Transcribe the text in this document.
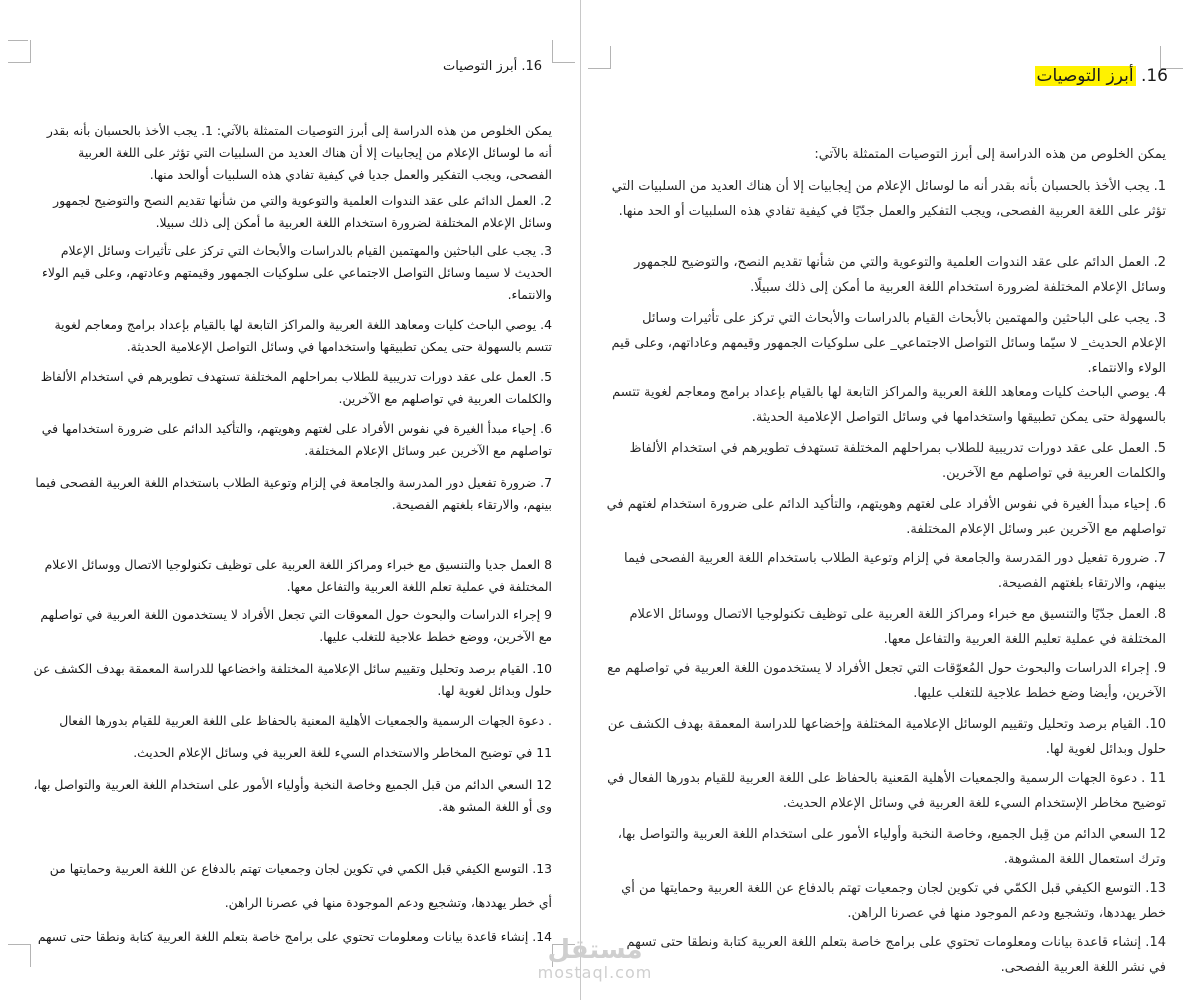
16. أبرز التوصيات

يمكن الخلوص من هذه الدراسة إلى أبرز التوصيات المتمثلة بالآتي: 1. يجب الأخذ بالحسبان بأنه بقدر أنه ما لوسائل الإعلام من إيجابيات إلا أن هناك العديد من السلبيات التي تؤثر على اللغة العربية الفصحى، ويجب التفكير والعمل جديا في كيفية تفادي هذه السلبيات أوالحد منها.

2. العمل الدائم على عقد الندوات العلمية والتوعوية والتي من شأنها تقديم النصح والتوضيح لجمهور وسائل الإعلام المختلفة لضرورة استخدام اللغة العربية ما أمكن إلى ذلك سبيلا.

3. يجب على الباحثين والمهتمين القيام بالدراسات والأبحاث التي تركز على تأثيرات وسائل الإعلام الحديث لا سيما وسائل التواصل الاجتماعي على سلوكيات الجمهور وقيمتهم وعادتهم، وعلى قيم الولاء والانتماء.

4. يوصي الباحث كليات ومعاهد اللغة العربية والمراكز التابعة لها بالقيام بإعداد برامج ومعاجم لغوية تتسم بالسهولة حتى يمكن تطبيقها واستخدامها في وسائل التواصل الإعلامية الحديثة.

5. العمل على عقد دورات تدريبية للطلاب بمراحلهم المختلفة تستهدف تطويرهم في استخدام الألفاظ والكلمات العربية في تواصلهم مع الآخرين.

6. إحياء مبدأ الغيرة في نفوس الأفراد على لغتهم وهويتهم، والتأكيد الدائم على ضرورة استخدامها في تواصلهم مع الآخرين عبر وسائل الإعلام المختلفة.

7. ضرورة تفعيل دور المدرسة والجامعة في إلزام وتوعية الطلاب باستخدام اللغة العربية الفصحى فيما بينهم، والارتقاء بلغتهم الفصيحة.

8 العمل جديا والتنسيق مع خبراء ومراكز اللغة العربية على توظيف تكنولوجيا الاتصال ووسائل الاعلام المختلفة في عملية تعلم اللغة العربية والتفاعل معها.

9 إجراء الدراسات والبحوث حول المعوقات التي تجعل الأفراد لا يستخدمون اللغة العربية في تواصلهم مع الآخرين، ووضع خطط علاجية للتغلب عليها.

10. القيام برصد وتحليل وتقييم سائل الإعلامية المختلفة واخضاعها للدراسة المعمقة بهدف الكشف عن حلول وبدائل لغوية لها.

. دعوة الجهات الرسمية والجمعيات الأهلية المعنية بالحفاظ على اللغة العربية للقيام بدورها الفعال

11 في توضيح المخاطر والاستخدام السيء للغة العربية في وسائل الإعلام الحديث.

12 السعي الدائم من قبل الجميع وخاصة النخبة وأولياء الأمور على استخدام اللغة العربية والتواصل بها، وى أو اللغة المشو هة.

13. التوسع الكيفي قبل الكمي في تكوين لجان وجمعيات تهتم بالدفاع عن اللغة العربية وحمايتها من

أي خطر يهددها، وتشجيع ودعم الموجودة منها في عصرنا الراهن.

14. إنشاء قاعدة بيانات ومعلومات تحتوي على برامج خاصة بتعلم اللغة العربية كتابة ونطقا حتى تسهم

16. أبرز التوصيات

يمكن الخلوص من هذه الدراسة إلى أبرز التوصيات المتمثلة بالآتي:

1. يجب الأخذ بالحسبان بأنه بقدر أنه ما لوسائل الإعلام من إيجابيات إلا أن هناك العديد من السلبيات التي تؤثر على اللغة العربية الفصحى، ويجب التفكير والعمل جدّيًا في كيفية تفادي هذه السلبيات أو الحد منها.

2. العمل الدائم على عقد الندوات العلمية والتوعوية والتي من شأنها تقديم النصح، والتوضيح للجمهور وسائل الإعلام المختلفة لضرورة استخدام اللغة العربية ما أمكن إلى ذلك سبيلًا.

3. يجب على الباحثين والمهتمين بالأبحاث القيام بالدراسات والأبحاث التي تركز على تأثيرات وسائل الإعلام الحديث_ لا سيّما وسائل التواصل الاجتماعي_ على سلوكيات الجمهور وقيمهم وعاداتهم، وعلى قيم الولاء والانتماء.

4. يوصي الباحث كليات ومعاهد اللغة العربية والمراكز التابعة لها بالقيام بإعداد برامج ومعاجم لغوية تتسم بالسهولة حتى يمكن تطبيقها واستخدامها في وسائل التواصل الإعلامية الحديثة.

5. العمل على عقد دورات تدريبية للطلاب بمراحلهم المختلفة تستهدف تطويرهم في استخدام الألفاظ والكلمات العربية في تواصلهم مع الآخرين.

6. إحياء مبدأ الغيرة في نفوس الأفراد على لغتهم وهويتهم، والتأكيد الدائم على ضرورة استخدام لغتهم في تواصلهم مع الآخرين عبر وسائل الإعلام المختلفة.

7. ضرورة تفعيل دور المَدرسة والجامعة في إلزام وتوعية الطلاب باستخدام اللغة العربية الفصحى فيما بينهم، والارتقاء بلغتهم الفصيحة.

8. العمل جدّيًا والتنسيق مع خبراء ومراكز اللغة العربية على توظيف تكنولوجيا الاتصال ووسائل الاعلام المختلفة في عملية تعليم اللغة العربية والتفاعل معها.

9. إجراء الدراسات والبحوث حول المُعوّقات التي تجعل الأفراد لا يستخدمون اللغة العربية في تواصلهم مع الآخرين، وأيضا وضع خطط علاجية للتغلب عليها.

10. القيام برصد وتحليل وتقييم الوسائل الإعلامية المختلفة وإخضاعها للدراسة المعمقة بهدف الكشف عن حلول وبدائل لغوية لها.

11 . دعوة الجهات الرسمية والجمعيات الأهلية المَعنية بالحفاظ على اللغة العربية للقيام بدورها الفعال في توضيح مخاطر الإستخدام السيء للغة العربية في وسائل الإعلام الحديث.

12 السعي الدائم من قِبل الجميع، وخاصة النخبة وأولياء الأمور على استخدام اللغة العربية والتواصل بها، وترك استعمال اللغة المشوهة.

13. التوسع الكيفي قبل الكمّي في تكوين لجان وجمعيات تهتم بالدفاع عن اللغة العربية وحمايتها من أي خطر يهددها، وتشجيع ودعم الموجود منها في عصرنا الراهن.

14. إنشاء قاعدة بيانات ومعلومات تحتوي على برامج خاصة بتعلم اللغة العربية كتابة ونطقا حتى تسهم في نشر اللغة العربية الفصحى.

مستقل
mostaql.com
